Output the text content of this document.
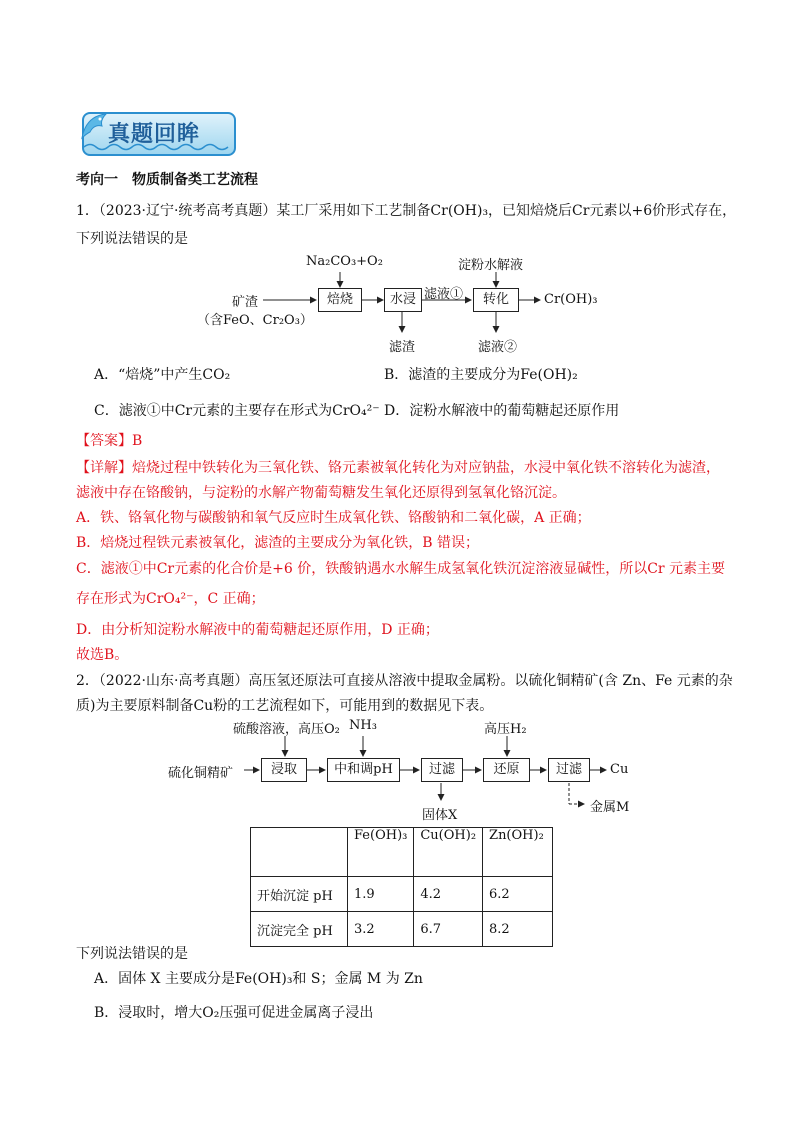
真题回眸
考向一　物质制备类工艺流程
1．（2023·辽宁·统考高考真题）某工厂采用如下工艺制备Cr(OH)₃，已知焙烧后Cr元素以+6价形式存在，
下列说法错误的是
Na₂CO₃+O₂
矿渣
（含FeO、Cr₂O₃）
焙烧	水浸 滤液①
淀粉水解液
转化	Cr(OH)₃
滤渣	滤液②
A．“焙烧”中产生CO₂	B．滤渣的主要成分为Fe(OH)₂
C．滤液①中Cr元素的主要存在形式为CrO₄²⁻ D．淀粉水解液中的葡萄糖起还原作用
【答案】B
【详解】焙烧过程中铁转化为三氧化铁、铬元素被氧化转化为对应钠盐，水浸中氧化铁不溶转化为滤渣，
滤液中存在铬酸钠，与淀粉的水解产物葡萄糖发生氧化还原得到氢氧化铬沉淀。
A．铁、铬氧化物与碳酸钠和氧气反应时生成氧化铁、铬酸钠和二氧化碳，A 正确；
B．焙烧过程铁元素被氧化，滤渣的主要成分为氧化铁，B 错误；
C．滤液①中Cr元素的化合价是+6 价，铁酸钠遇水水解生成氢氧化铁沉淀溶液显碱性，所以Cr 元素主要
存在形式为CrO₄²⁻，C 正确；
D．由分析知淀粉水解液中的葡萄糖起还原作用，D 正确；
故选B。
2．（2022·山东·高考真题）高压氢还原法可直接从溶液中提取金属粉。以硫化铜精矿(含 Zn、Fe 元素的杂
质)为主要原料制备Cu粉的工艺流程如下，可能用到的数据见下表。
硫酸溶液，高压O₂ NH₃	高压H₂
硫化铜精矿	浸取	中和调pH	过滤	还原	过滤	Cu
固体X
金属M
	Fe(OH)₃	Cu(OH)₂	Zn(OH)₂
开始沉淀 pH	1.9	4.2	6.2
沉淀完全 pH	3.2	6.7	8.2
下列说法错误的是
A．固体 X 主要成分是Fe(OH)₃和 S；金属 M 为 Zn
B．浸取时，增大O₂压强可促进金属离子浸出
